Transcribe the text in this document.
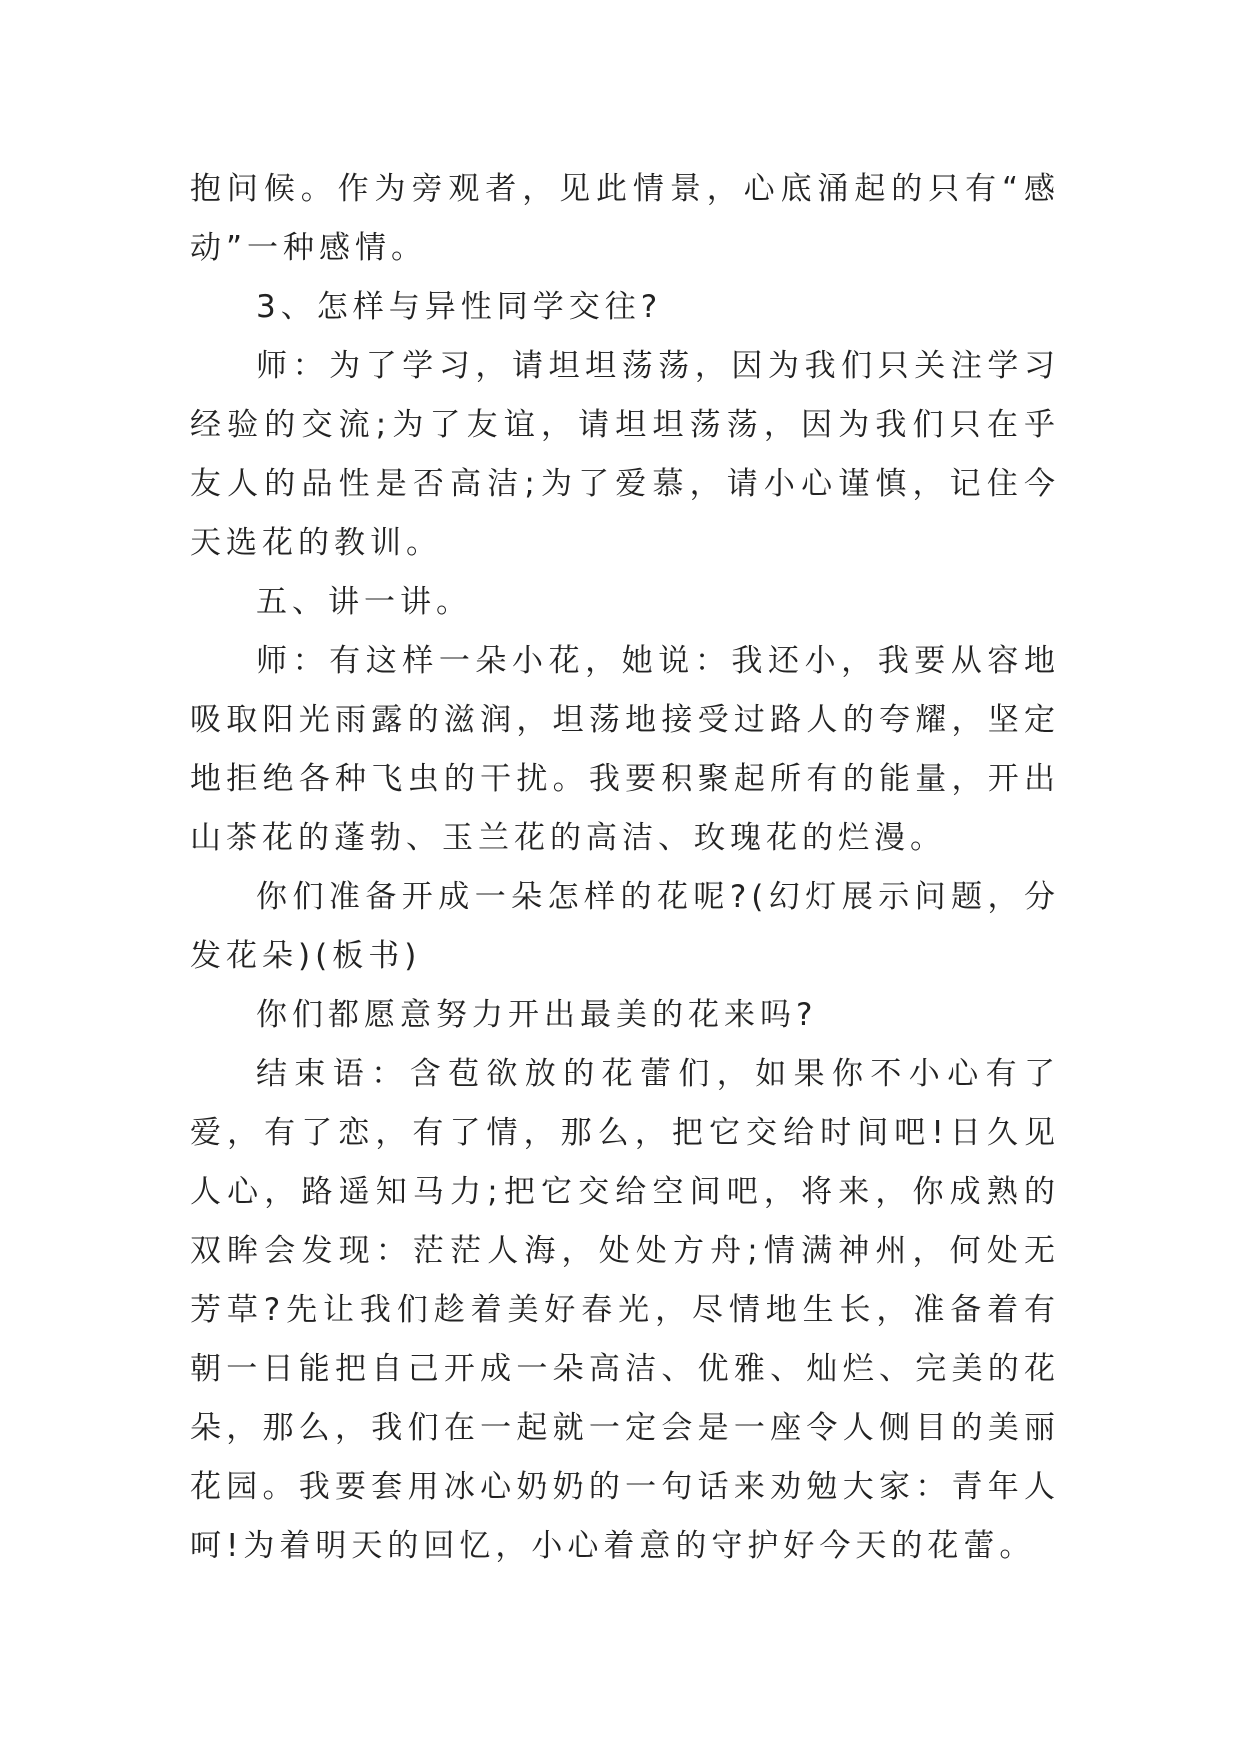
抱问候。作为旁观者，见此情景，心底涌起的只有“感动”一种感情。

3、怎样与异性同学交往?

师：为了学习，请坦坦荡荡，因为我们只关注学习经验的交流;为了友谊，请坦坦荡荡，因为我们只在乎友人的品性是否高洁;为了爱慕，请小心谨慎，记住今天选花的教训。

五、讲一讲。

师：有这样一朵小花，她说：我还小，我要从容地吸取阳光雨露的滋润，坦荡地接受过路人的夸耀，坚定地拒绝各种飞虫的干扰。我要积聚起所有的能量，开出山茶花的蓬勃、玉兰花的高洁、玫瑰花的烂漫。

你们准备开成一朵怎样的花呢?(幻灯展示问题，分发花朵)(板书)

你们都愿意努力开出最美的花来吗?

结束语：含苞欲放的花蕾们，如果你不小心有了爱，有了恋，有了情，那么，把它交给时间吧!日久见人心，路遥知马力;把它交给空间吧，将来，你成熟的双眸会发现：茫茫人海，处处方舟;情满神州，何处无芳草?先让我们趁着美好春光，尽情地生长，准备着有朝一日能把自己开成一朵高洁、优雅、灿烂、完美的花朵，那么，我们在一起就一定会是一座令人侧目的美丽花园。我要套用冰心奶奶的一句话来劝勉大家：青年人呵!为着明天的回忆，小心着意的守护好今天的花蕾。
